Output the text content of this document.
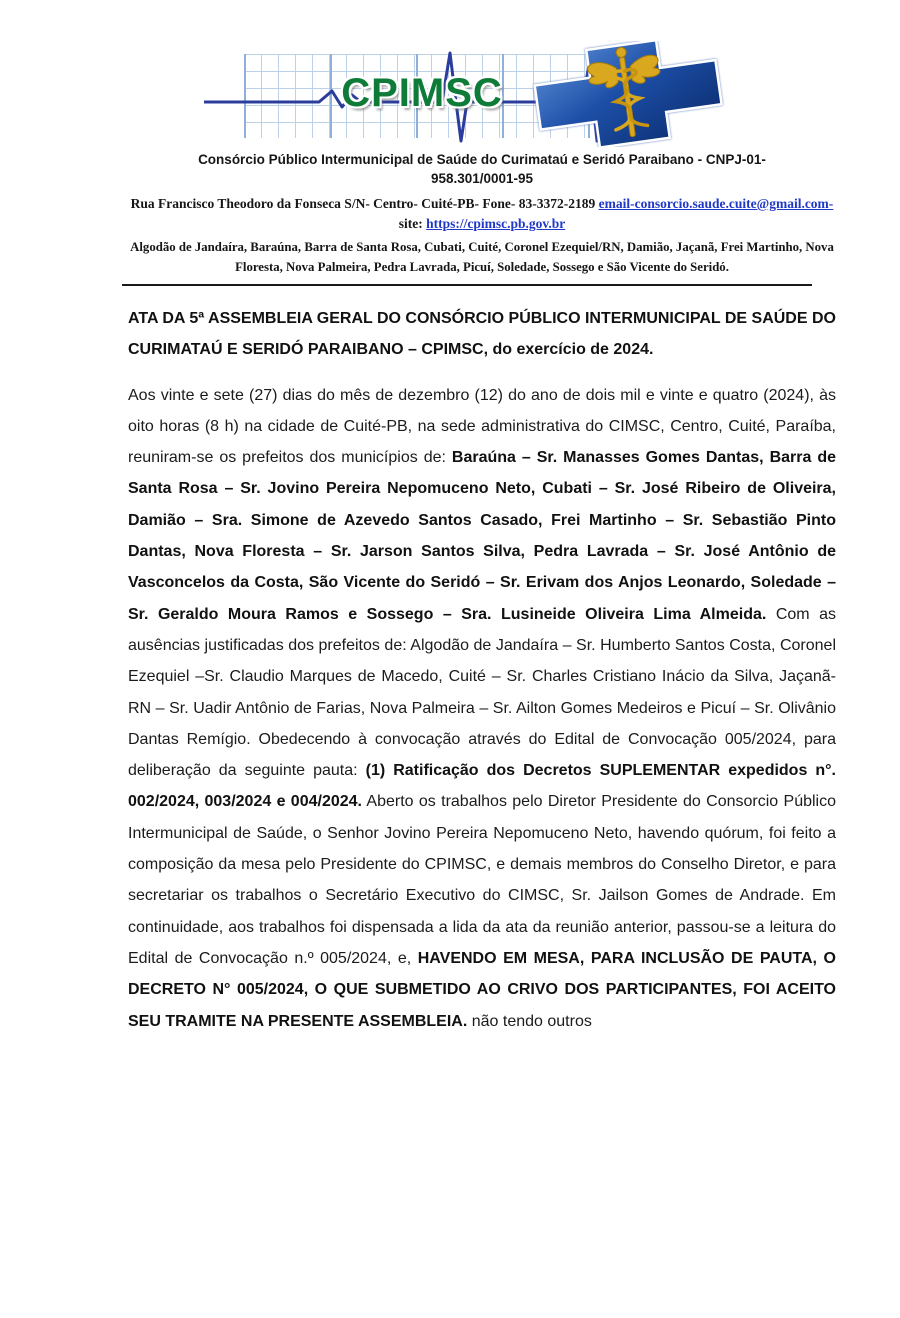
CPIMSC
Consórcio Público Intermunicipal de Saúde do Curimataú e Seridó Paraibano - CNPJ-01-958.301/0001-95
Rua Francisco Theodoro da Fonseca S/N- Centro- Cuité-PB- Fone- 83-3372-2189 email-consorcio.saude.cuite@gmail.com-
site: https://cpimsc.pb.gov.br
Algodão de Jandaíra, Baraúna, Barra de Santa Rosa, Cubati, Cuité, Coronel Ezequiel/RN, Damião, Jaçanã, Frei Martinho, Nova Floresta, Nova Palmeira, Pedra Lavrada, Picuí, Soledade, Sossego e São Vicente do Seridó.
ATA DA 5ª ASSEMBLEIA GERAL DO CONSÓRCIO PÚBLICO INTERMUNICIPAL DE SAÚDE DO CURIMATAÚ E SERIDÓ PARAIBANO – CPIMSC, do exercício de 2024.

Aos vinte e sete (27) dias do mês de dezembro (12) do ano de dois mil e vinte e quatro (2024), às oito horas (8 h) na cidade de Cuité-PB, na sede administrativa do CIMSC, Centro, Cuité, Paraíba, reuniram-se os prefeitos dos municípios de: Baraúna – Sr. Manasses Gomes Dantas, Barra de Santa Rosa – Sr. Jovino Pereira Nepomuceno Neto, Cubati – Sr. José Ribeiro de Oliveira, Damião – Sra. Simone de Azevedo Santos Casado, Frei Martinho – Sr. Sebastião Pinto Dantas, Nova Floresta – Sr. Jarson Santos Silva, Pedra Lavrada – Sr. José Antônio de Vasconcelos da Costa, São Vicente do Seridó – Sr. Erivam dos Anjos Leonardo, Soledade – Sr. Geraldo Moura Ramos e Sossego – Sra. Lusineide Oliveira Lima Almeida. Com as ausências justificadas dos prefeitos de: Algodão de Jandaíra – Sr. Humberto Santos Costa, Coronel Ezequiel –Sr. Claudio Marques de Macedo, Cuité – Sr. Charles Cristiano Inácio da Silva, Jaçanã-RN – Sr. Uadir Antônio de Farias, Nova Palmeira – Sr. Ailton Gomes Medeiros e Picuí – Sr. Olivânio Dantas Remígio. Obedecendo à convocação através do Edital de Convocação 005/2024, para deliberação da seguinte pauta: (1) Ratificação dos Decretos SUPLEMENTAR expedidos n°. 002/2024, 003/2024 e 004/2024. Aberto os trabalhos pelo Diretor Presidente do Consorcio Público Intermunicipal de Saúde, o Senhor Jovino Pereira Nepomuceno Neto, havendo quórum, foi feito a composição da mesa pelo Presidente do CPIMSC, e demais membros do Conselho Diretor, e para secretariar os trabalhos o Secretário Executivo do CIMSC, Sr. Jailson Gomes de Andrade. Em continuidade, aos trabalhos foi dispensada a lida da ata da reunião anterior, passou-se a leitura do Edital de Convocação n.º 005/2024, e, HAVENDO EM MESA, PARA INCLUSÃO DE PAUTA, O DECRETO N° 005/2024, O QUE SUBMETIDO AO CRIVO DOS PARTICIPANTES, FOI ACEITO SEU TRAMITE NA PRESENTE ASSEMBLEIA. não tendo outros
